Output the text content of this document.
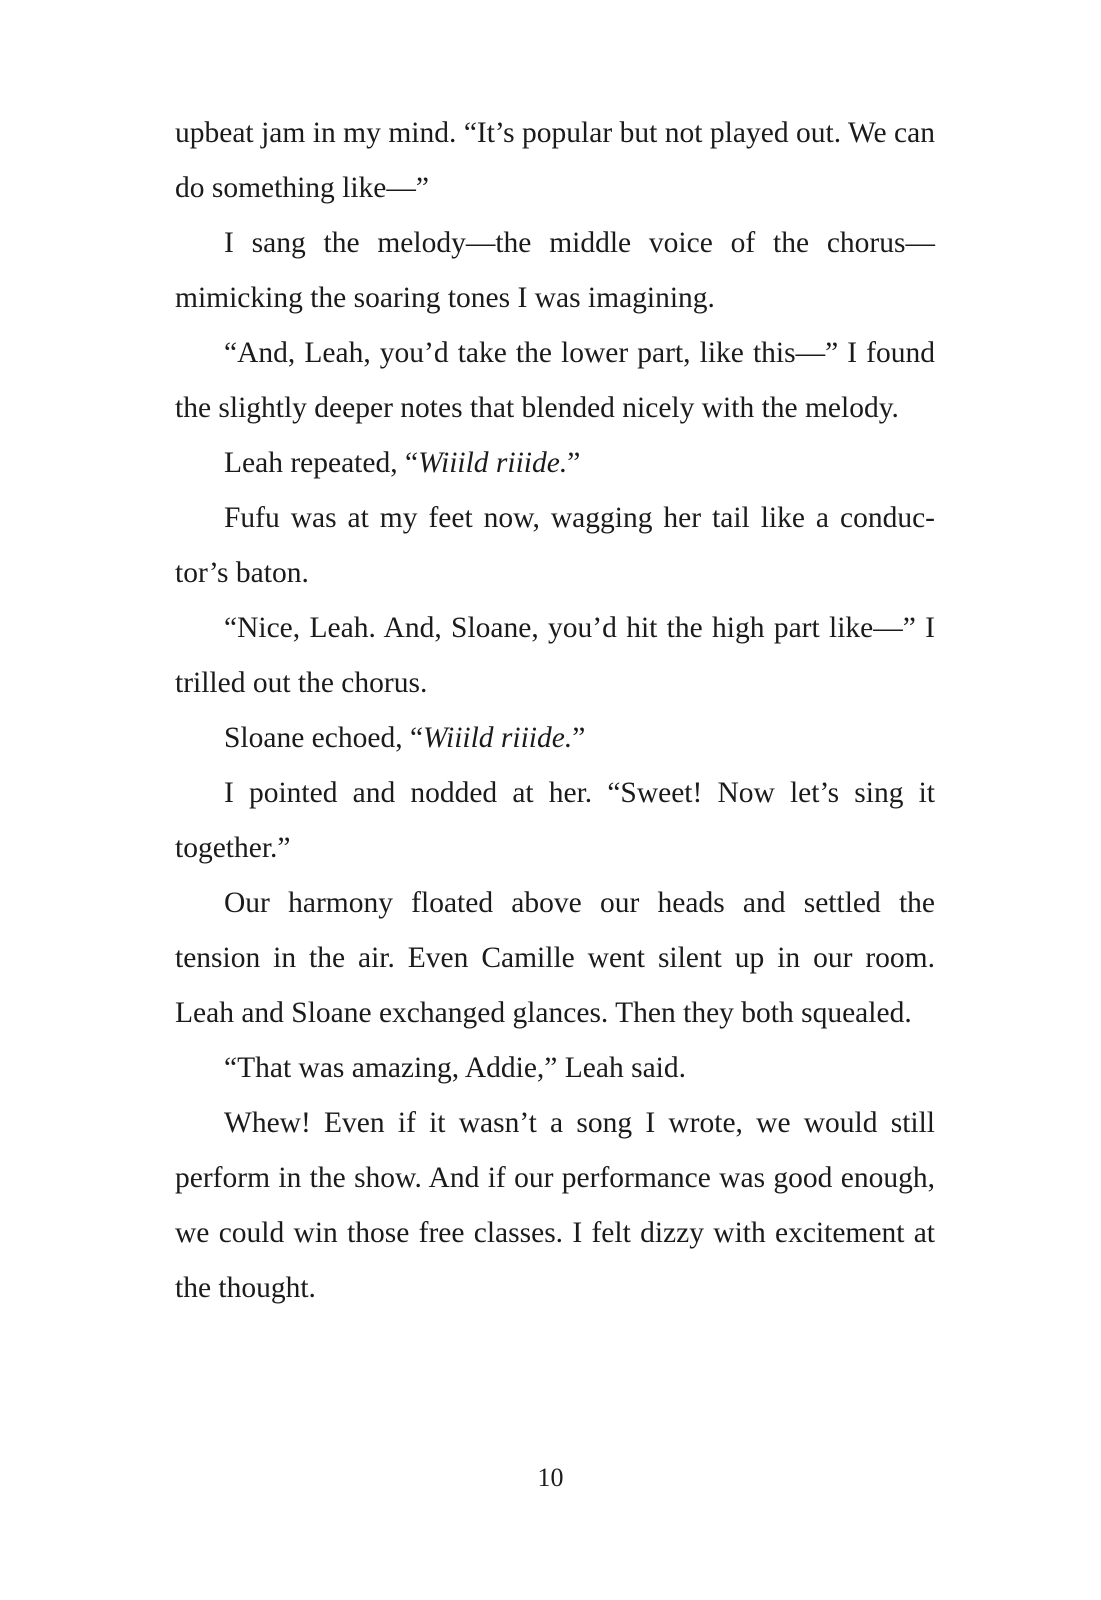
upbeat jam in my mind. “It’s popular but not played out. We can do something like—”

I sang the melody—the middle voice of the chorus—mimicking the soaring tones I was imagining.

“And, Leah, you’d take the lower part, like this—” I found the slightly deeper notes that blended nicely with the melody.

Leah repeated, “Wiiild riiide.”

Fufu was at my feet now, wagging her tail like a conductor’s baton.

“Nice, Leah. And, Sloane, you’d hit the high part like—” I trilled out the chorus.

Sloane echoed, “Wiiild riiide.”

I pointed and nodded at her. “Sweet! Now let’s sing it together.”

Our harmony floated above our heads and settled the tension in the air. Even Camille went silent up in our room. Leah and Sloane exchanged glances. Then they both squealed.

“That was amazing, Addie,” Leah said.

Whew! Even if it wasn’t a song I wrote, we would still perform in the show. And if our performance was good enough, we could win those free classes. I felt dizzy with excitement at the thought.

10
